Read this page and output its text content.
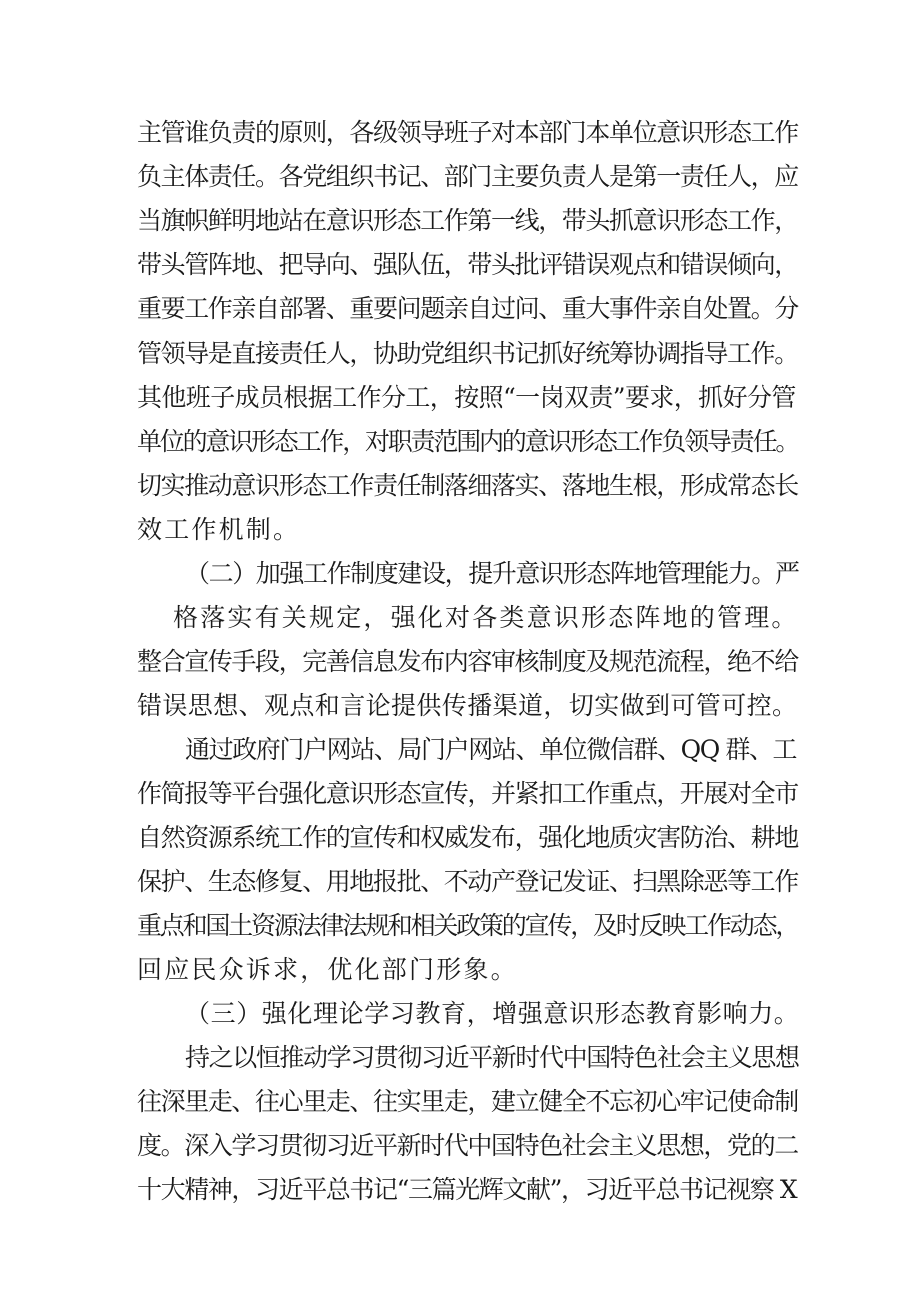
主管谁负责的原则，各级领导班子对本部门本单位意识形态工作
负主体责任。各党组织书记、部门主要负责人是第一责任人，应
当旗帜鲜明地站在意识形态工作第一线，带头抓意识形态工作，
带头管阵地、把导向、强队伍，带头批评错误观点和错误倾向，
重要工作亲自部署、重要问题亲自过问、重大事件亲自处置。分
管领导是直接责任人，协助党组织书记抓好统筹协调指导工作。
其他班子成员根据工作分工，按照“一岗双责”要求，抓好分管
单位的意识形态工作，对职责范围内的意识形态工作负领导责任。
切实推动意识形态工作责任制落细落实、落地生根，形成常态长
效工作机制。
（二）加强工作制度建设，提升意识形态阵地管理能力。严
格落实有关规定，强化对各类意识形态阵地的管理。
整合宣传手段，完善信息发布内容审核制度及规范流程，绝不给
错误思想、观点和言论提供传播渠道，切实做到可管可控。
通过政府门户网站、局门户网站、单位微信群、QQ 群、工
作简报等平台强化意识形态宣传，并紧扣工作重点，开展对全市
自然资源系统工作的宣传和权威发布，强化地质灾害防治、耕地
保护、生态修复、用地报批、不动产登记发证、扫黑除恶等工作
重点和国土资源法律法规和相关政策的宣传，及时反映工作动态，
回应民众诉求，优化部门形象。
（三）强化理论学习教育，增强意识形态教育影响力。
持之以恒推动学习贯彻习近平新时代中国特色社会主义思想
往深里走、往心里走、往实里走，建立健全不忘初心牢记使命制
度。深入学习贯彻习近平新时代中国特色社会主义思想，党的二
十大精神，习近平总书记“三篇光辉文献”，习近平总书记视察 X
